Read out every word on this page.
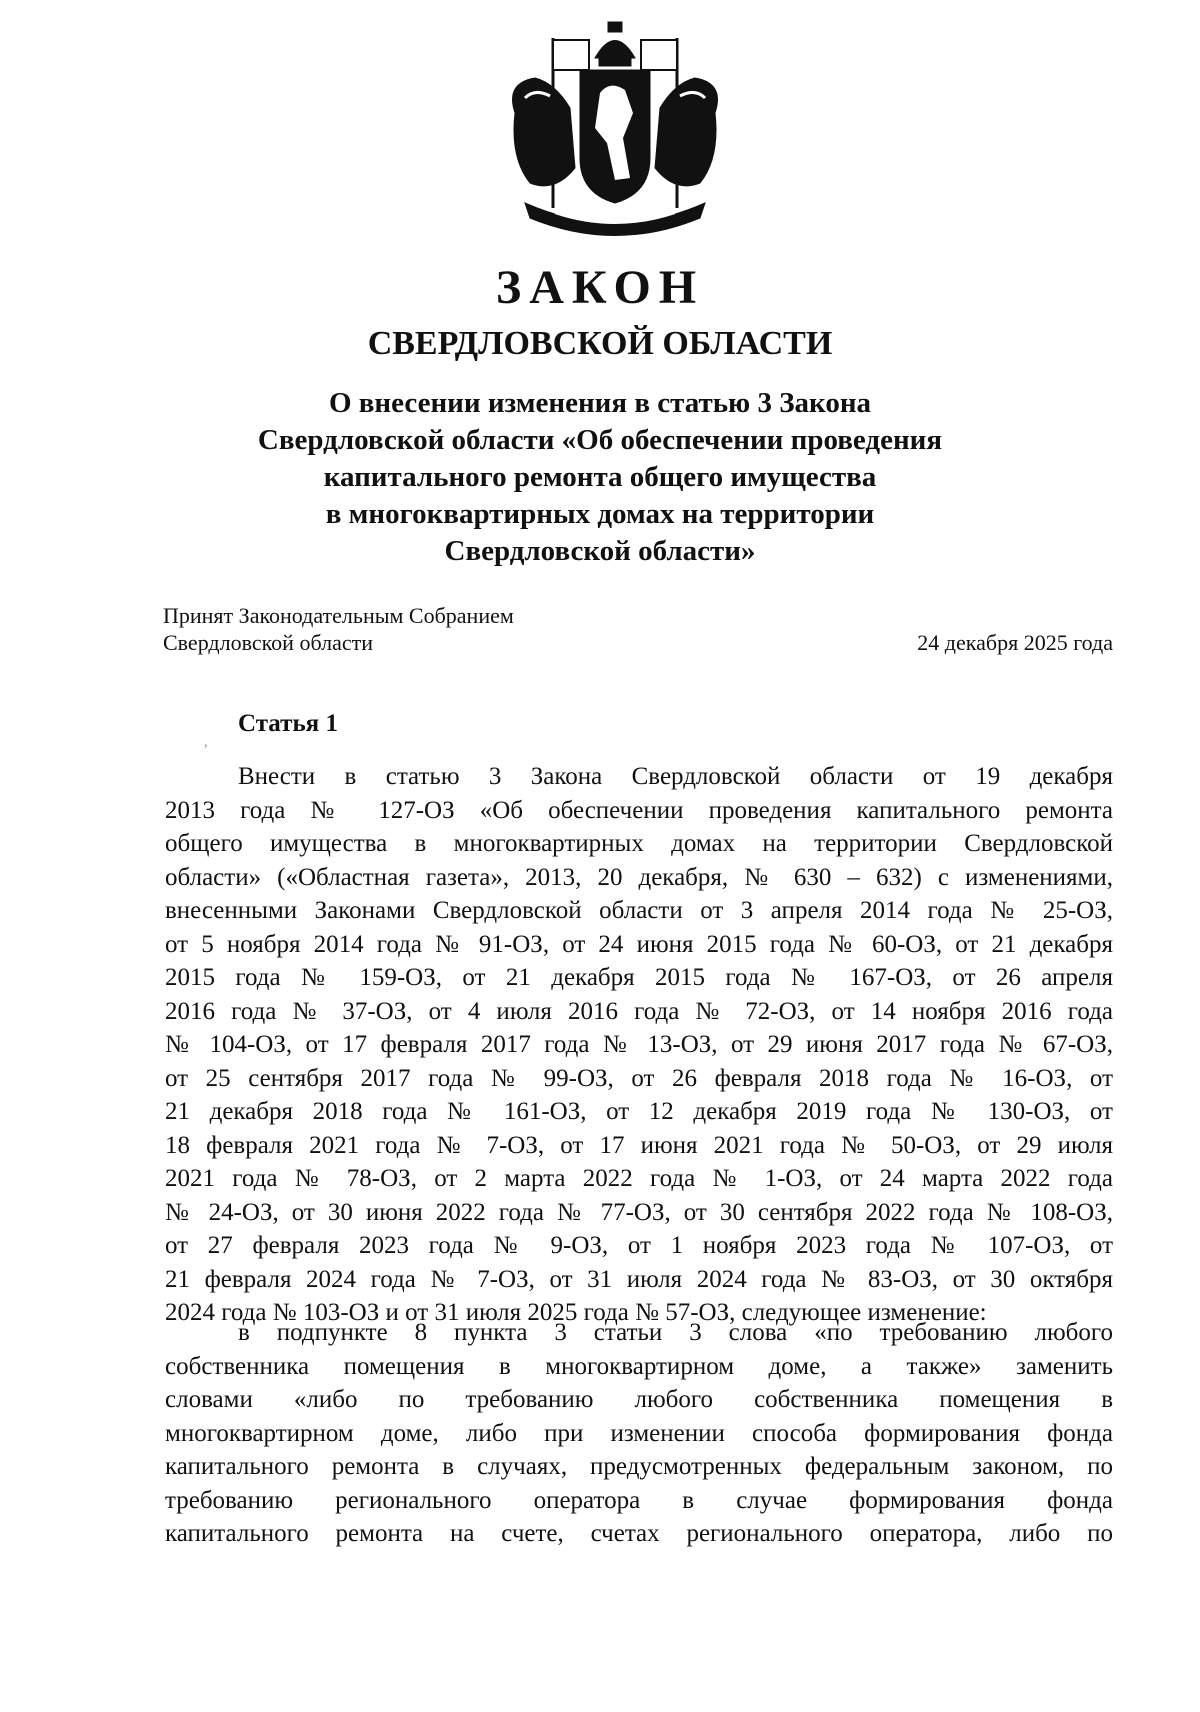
ЗАКОН
СВЕРДЛОВСКОЙ ОБЛАСТИ
О внесении изменения в статью 3 Закона
Свердловской области «Об обеспечении проведения
капитального ремонта общего имущества
в многоквартирных домах на территории
Свердловской области»
Принят Законодательным Собранием
Свердловской области	24 декабря 2025 года
,
Статья 1
Внести в статью 3 Закона Свердловской области от 19 декабря
2013 года № 127-ОЗ «Об обеспечении проведения капитального ремонта
общего имущества в многоквартирных домах на территории Свердловской
области» («Областная газета», 2013, 20 декабря, № 630 – 632) с изменениями,
внесенными Законами Свердловской области от 3 апреля 2014 года № 25-ОЗ,
от 5 ноября 2014 года № 91-ОЗ, от 24 июня 2015 года № 60-ОЗ, от 21 декабря
2015 года № 159-ОЗ, от 21 декабря 2015 года № 167-ОЗ, от 26 апреля
2016 года № 37-ОЗ, от 4 июля 2016 года № 72-ОЗ, от 14 ноября 2016 года
№ 104-ОЗ, от 17 февраля 2017 года № 13-ОЗ, от 29 июня 2017 года № 67-ОЗ,
от 25 сентября 2017 года № 99-ОЗ, от 26 февраля 2018 года № 16-ОЗ, от
21 декабря 2018 года № 161-ОЗ, от 12 декабря 2019 года № 130-ОЗ, от
18 февраля 2021 года № 7-ОЗ, от 17 июня 2021 года № 50-ОЗ, от 29 июля
2021 года № 78-ОЗ, от 2 марта 2022 года № 1-ОЗ, от 24 марта 2022 года
№ 24-ОЗ, от 30 июня 2022 года № 77-ОЗ, от 30 сентября 2022 года № 108-ОЗ,
от 27 февраля 2023 года № 9-ОЗ, от 1 ноября 2023 года № 107-ОЗ, от
21 февраля 2024 года № 7-ОЗ, от 31 июля 2024 года № 83-ОЗ, от 30 октября
2024 года № 103-ОЗ и от 31 июля 2025 года № 57-ОЗ, следующее изменение:
в подпункте 8 пункта 3 статьи 3 слова «по требованию любого
собственника помещения в многоквартирном доме, а также» заменить
словами «либо по требованию любого собственника помещения в
многоквартирном доме, либо при изменении способа формирования фонда
капитального ремонта в случаях, предусмотренных федеральным законом, по
требованию регионального оператора в случае формирования фонда
капитального ремонта на счете, счетах регионального оператора, либо по
